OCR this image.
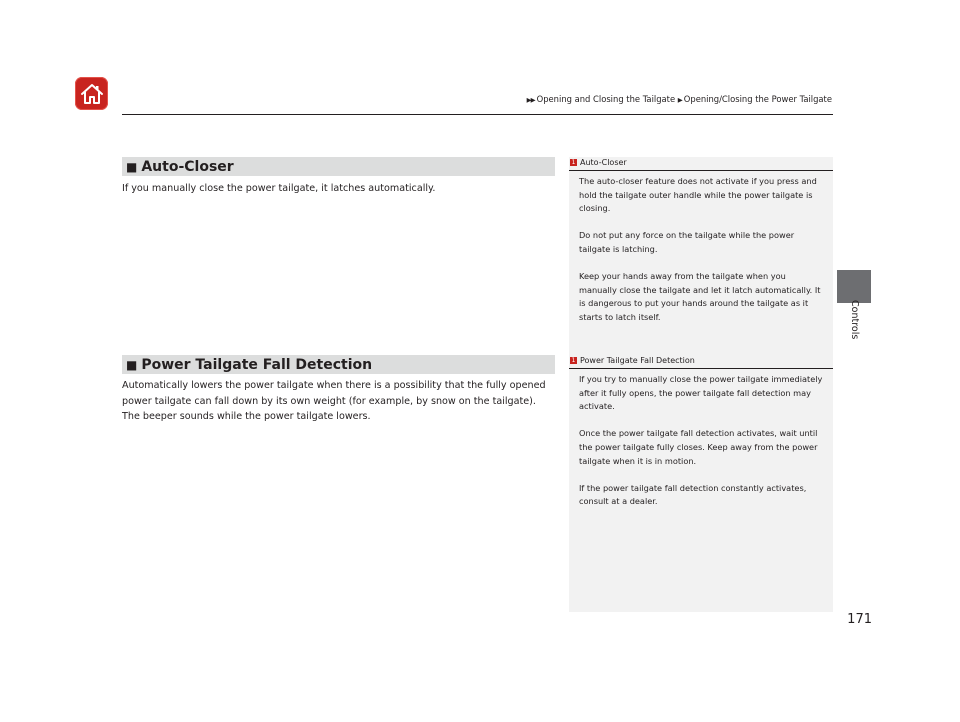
▶▶ Opening and Closing the Tailgate ▶ Opening/Closing the Power Tailgate
Controls
■ Auto-Closer
If you manually close the power tailgate, it latches automatically.
■ Power Tailgate Fall Detection
Automatically lowers the power tailgate when there is a possibility that the fully opened power tailgate can fall down by its own weight (for example, by snow on the tailgate). The beeper sounds while the power tailgate lowers.
1 Auto-Closer

The auto-closer feature does not activate if you press and hold the tailgate outer handle while the power tailgate is closing.

Do not put any force on the tailgate while the power tailgate is latching.

Keep your hands away from the tailgate when you manually close the tailgate and let it latch automatically. It is dangerous to put your hands around the tailgate as it starts to latch itself.

1 Power Tailgate Fall Detection

If you try to manually close the power tailgate immediately after it fully opens, the power tailgate fall detection may activate.

Once the power tailgate fall detection activates, wait until the power tailgate fully closes. Keep away from the power tailgate when it is in motion.

If the power tailgate fall detection constantly activates, consult at a dealer.

171
